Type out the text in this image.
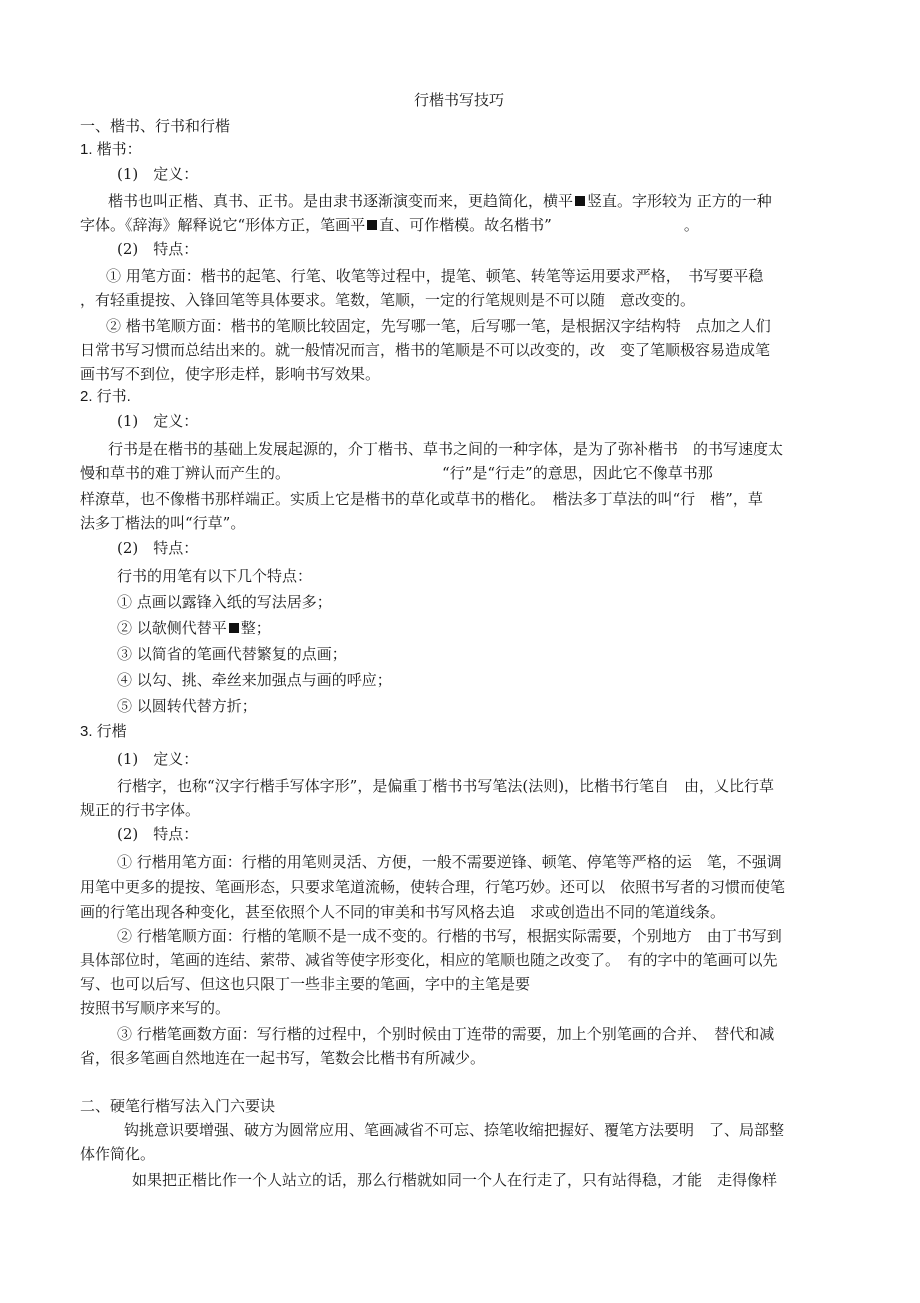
行楷书写技巧
一、楷书、行书和行楷
1. 楷书：
(1)　定义：
楷书也叫正楷、真书、正书。是由隶书逐渐演变而来，更趋简化，横平 竖直。字形较为 正方的一种
字体。《辞海》解释说它“形体方正，笔画平 直、可作楷模。故名楷书”	。
(2)　特点：
① 用笔方面：楷书的起笔、行笔、收笔等过程中，提笔、顿笔、转笔等运用要求严格，　书写要平稳
，有轻重提按、入锋回笔等具体要求。笔数，笔顺，一定的行笔规则是不可以随　意改变的。
② 楷书笔顺方面：楷书的笔顺比较固定，先写哪一笔，后写哪一笔，是根据汉字结构特　点加之人们
日常书写习惯而总结出来的。就一般情况而言，楷书的笔顺是不可以改变的，改　变了笔顺极容易造成笔
画书写不到位，使字形走样，影响书写效果。
2. 行书.
(1)　定义：
行书是在楷书的基础上发展起源的，介丁楷书、草书之间的一种字体，是为了弥补楷书　的书写速度太
慢和草书的难丁辨认而产生的。	“行”是“行走”的意思，因此它不像草书那
样潦草，也不像楷书那样端正。实质上它是楷书的草化或草书的楷化。　楷法多丁草法的叫“行　楷”，草
法多丁楷法的叫“行草”。
(2)　特点：
行书的用笔有以下几个特点：
① 点画以露锋入纸的写法居多；
② 以欹侧代替平 整；
③ 以简省的笔画代替繁复的点画；
④ 以勾、挑、牵丝来加强点与画的呼应；
⑤ 以圆转代替方折；
3. 行楷
(1)　定义：
行楷字，也称“汉字行楷手写体字形”，是偏重丁楷书书写笔法(法则)，比楷书行笔自　由，乂比行草
规正的行书字体。
(2)　特点：
① 行楷用笔方面：行楷的用笔则灵活、方便，一般不需要逆锋、顿笔、停笔等严格的运　笔，不强调
用笔中更多的提按、笔画形态，只要求笔道流畅，使转合理，行笔巧妙。还可以　依照书写者的习惯而使笔
画的行笔出现各种变化，甚至依照个人不同的审美和书写风格去追　求或创造出不同的笔道线条。
② 行楷笔顺方面：行楷的笔顺不是一成不变的。行楷的书写，根据实际需要，个别地方　由丁书写到
具体部位时，笔画的连结、萦带、减省等使字形变化，相应的笔顺也随之改变了。　有的字中的笔画可以先
写、也可以后写、但这也只限丁一些非主要的笔画，字中的主笔是要
按照书写顺序来写的。
③ 行楷笔画数方面：写行楷的过程中，个别时候由丁连带的需要，加上个别笔画的合并、　替代和减
省，很多笔画自然地连在一起书写，笔数会比楷书有所减少。
二、硬笔行楷写法入门六要诀
钩挑意识要增强、破方为圆常应用、笔画减省不可忘、捺笔收缩把握好、覆笔方法要明　了、局部整
体作简化。
如果把正楷比作一个人站立的话，那么行楷就如同一个人在行走了，只有站得稳，才能　走得像样
